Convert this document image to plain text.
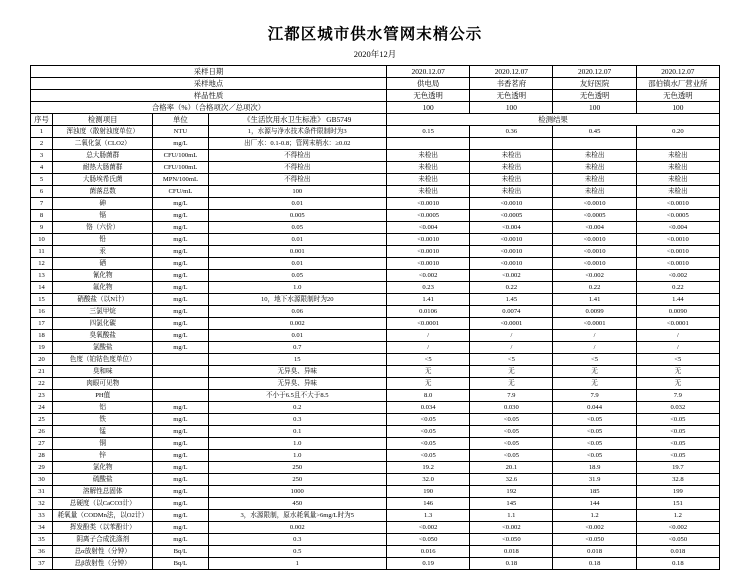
江都区城市供水管网末梢公示
2020年12月
采样日期				2020.12.07	2020.12.07	2020.12.07	2020.12.07
采样地点				供电局	书香茗府	友好医院	邵伯镇水厂营业所
样品性质				无色透明	无色透明	无色透明	无色透明
合格率（%）（合格项次／总项次）				100	100	100	100
序号	检测项目	单位	《生活饮用水卫生标准》 GB5749	检测结果			
1	浑浊度（散射浊度单位）	NTU	1，水源与净水技术条件限制时为3	0.15	0.36	0.45	0.20
2	二氧化氯（CLO2）	mg/L	出厂水：0.1-0.8；管网末梢水：≥0.02				
3	总大肠菌群	CFU/100mL	不得检出	未检出	未检出	未检出	未检出
4	耐热大肠菌群	CFU/100mL	不得检出	未检出	未检出	未检出	未检出
5	大肠埃希氏菌	MPN/100mL	不得检出	未检出	未检出	未检出	未检出
6	菌落总数	CFU/mL	100	未检出	未检出	未检出	未检出
7	砷	mg/L	0.01	<0.0010	<0.0010	<0.0010	<0.0010
8	镉	mg/L	0.005	<0.0005	<0.0005	<0.0005	<0.0005
9	铬（六价）	mg/L	0.05	<0.004	<0.004	<0.004	<0.004
10	铅	mg/L	0.01	<0.0010	<0.0010	<0.0010	<0.0010
11	汞	mg/L	0.001	<0.0010	<0.0010	<0.0010	<0.0010
12	硒	mg/L	0.01	<0.0010	<0.0010	<0.0010	<0.0010
13	氰化物	mg/L	0.05	<0.002	<0.002	<0.002	<0.002
14	氟化物	mg/L	1.0	0.23	0.22	0.22	0.22
15	硝酸盐（以N计）	mg/L	10，地下水源限制时为20	1.41	1.45	1.41	1.44
16	三氯甲烷	mg/L	0.06	0.0106	0.0074	0.0099	0.0090
17	四氯化碳	mg/L	0.002	<0.0001	<0.0001	<0.0001	<0.0001
18	臭氧酸盐	mg/L	0.01	/	/	/	/
19	氯酸盐	mg/L	0.7	/	/	/	/
20	色度（铂钴色度单位）		15	<5	<5	<5	<5
21	臭和味		无异臭、异味	无	无	无	无
22	肉眼可见物		无异臭、异味	无	无	无	无
23	PH值		不小于6.5且不大于8.5	8.0	7.9	7.9	7.9
24	铝	mg/L	0.2	0.034	0.030	0.044	0.032
25	铁	mg/L	0.3	<0.05	<0.05	<0.05	<0.05
26	锰	mg/L	0.1	<0.05	<0.05	<0.05	<0.05
27	铜	mg/L	1.0	<0.05	<0.05	<0.05	<0.05
28	锌	mg/L	1.0	<0.05	<0.05	<0.05	<0.05
29	氯化物	mg/L	250	19.2	20.1	18.9	19.7
30	硫酸盐	mg/L	250	32.0	32.6	31.9	32.8
31	溶解性总固体	mg/L	1000	190	192	185	199
32	总硬度（以CaCO3计）	mg/L	450	146	145	144	151
33	耗氧量（CODMn法，以O2计）	mg/L	3，水源限制，原水耗氧量>6mg/L时为5	1.3	1.1	1.2	1.2
34	挥发酚类（以苯酚计）	mg/L	0.002	<0.002	<0.002	<0.002	<0.002
35	阴离子合成洗涤剂	mg/L	0.3	<0.050	<0.050	<0.050	<0.050
36	总α放射性（分钟）	Bq/L	0.5	0.016	0.018	0.018	0.018
37	总β放射性（分钟）	Bq/L	1	0.19	0.18	0.18	0.18
